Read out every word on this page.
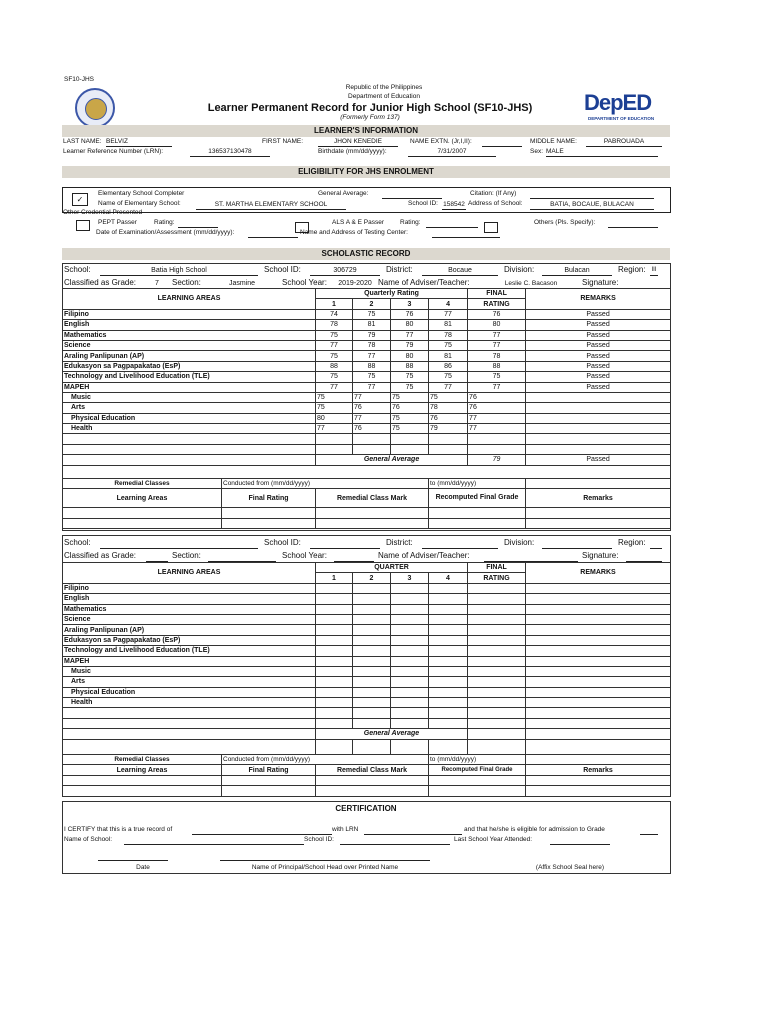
SF10-JHS
Republic of the Philippines
Department of Education
Learner Permanent Record for Junior High School (SF10-JHS)
(Formerly Form 137)
DepED
DEPARTMENT OF EDUCATION
LEARNER'S INFORMATION
LAST NAME: BELVIZ	FIRST NAME:	JHON KENEDIE	NAME EXTN. (Jr,I,II):	MIDDLE NAME:	PABROUADA
Learner Reference Number (LRN):	136537130478	Birthdate (mm/dd/yyyy):	7/31/2007	Sex: MALE
ELIGIBILITY FOR JHS ENROLMENT
✓
Elementary School Completer	General Average:	Citation: (If Any)
Name of Elementary School:	ST. MARTHA ELEMENTARY SCHOOL	School ID: 158542 Address of School:	BATIA, BOCAUE, BULACAN
Other Credential Presented
PEPT Passer	Rating:	ALS A & E Passer Rating:	Others (Pls. Specify):
Date of Examination/Assessment (mm/dd/yyyy):	Name and Address of Testing Center:
SCHOLASTIC RECORD
School:	Batia High School	School ID:	306729	District:	Bocaue	Division:	Bulacan	Region: III
Classified as Grade:	7	Section:	Jasmine	School Year:	2019-2020 Name of Adviser/Teacher:	Leslie C. Bacason	Signature:
LEARNING AREAS	Quarterly Rating				FINAL	REMARKS
	1	2	3	4	RATING	
Filipino	74	75	76	77	76	Passed
English	78	81	80	81	80	Passed
Mathematics	75	79	77	78	77	Passed
Science	77	78	79	75	77	Passed
Araling Panlipunan (AP)	75	77	80	81	78	Passed
Edukasyon sa Pagpapakatao (EsP)	88	88	88	86	88	Passed
Technology and Livelihood Education (TLE)	75	75	75	75	75	Passed
MAPEH	77	77	75	77	77	Passed
Music	75	77	75	75	76	
Arts	75	76	76	78	76	
Physical Education	80	77	75	76	77	
Health	77	76	75	79	77	

	General Average				79	Passed
Remedial Classes	Conducted from (mm/dd/yyyy)		to (mm/dd/yyyy)	
Learning Areas	Final Rating	Remedial Class Mark	Recomputed Final Grade	Remarks

School:	School ID:	District:	Division:	Region:
Classified as Grade:	Section:	School Year:	Name of Adviser/Teacher:	Signature:
LEARNING AREAS	QUARTER				FINAL	REMARKS
	1	2	3	4	RATING	
Filipino						
English						
Mathematics						
Science						
Araling Panlipunan (AP)						
Edukasyon sa Pagpapakatao (EsP)						
Technology and Livelihood Education (TLE)						
MAPEH						
Music						
Arts						
Physical Education						
Health						

	General Average					

Remedial Classes	Conducted from (mm/dd/yyyy)		to (mm/dd/yyyy)	
Learning Areas	Final Rating	Remedial Class Mark	Recomputed Final Grade	Remarks

CERTIFICATION
I CERTIFY that this is a true record of	with LRN	and that he/she is eligible for admission to Grade
Name of School:	School ID:	Last School Year Attended:
Date	Name of Principal/School Head over Printed Name	(Affix School Seal here)
